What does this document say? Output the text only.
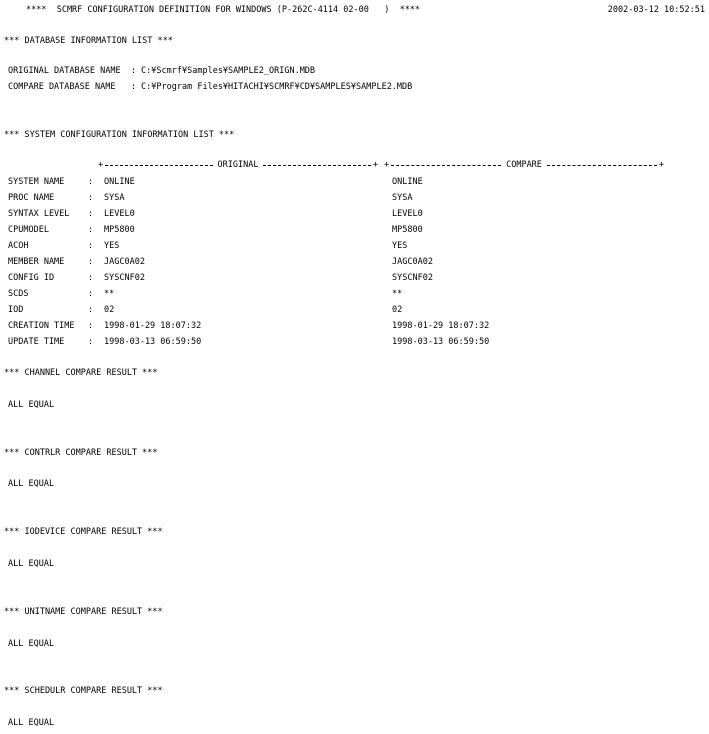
****  SCMRF CONFIGURATION DEFINITION FOR WINDOWS (P-262C-4114 02-00   )  ****	2002-03-12 10:52:51
*** DATABASE INFORMATION LIST ***
ORIGINAL DATABASE NAME  : C:¥Scmrf¥Samples¥SAMPLE2_ORIGN.MDB
COMPARE DATABASE NAME   : C:¥Program Files¥HITACHI¥SCMRF¥CD¥SAMPLES¥SAMPLE2.MDB
*** SYSTEM CONFIGURATION INFORMATION LIST ***
+	ORIGINAL	+ +	COMPARE	+
SYSTEM NAME	: ONLINE	ONLINE
PROC NAME	: SYSA	SYSA
SYNTAX LEVEL : LEVEL0	LEVEL0
CPUMODEL	: MP5800	MP5800
ACOH	: YES	YES
MEMBER NAME	: JAGC0A02	JAGC0A02
CONFIG ID	: SYSCNF02	SYSCNF02
SCDS	: **	**
IOD	: 02	02
CREATION TIME : 1998-01-29 18:07:32	1998-01-29 18:07:32
UPDATE TIME	: 1998-03-13 06:59:50	1998-03-13 06:59:50
*** CHANNEL COMPARE RESULT ***
ALL EQUAL
*** CONTRLR COMPARE RESULT ***
ALL EQUAL
*** IODEVICE COMPARE RESULT ***
ALL EQUAL
*** UNITNAME COMPARE RESULT ***
ALL EQUAL
*** SCHEDULR COMPARE RESULT ***
ALL EQUAL
